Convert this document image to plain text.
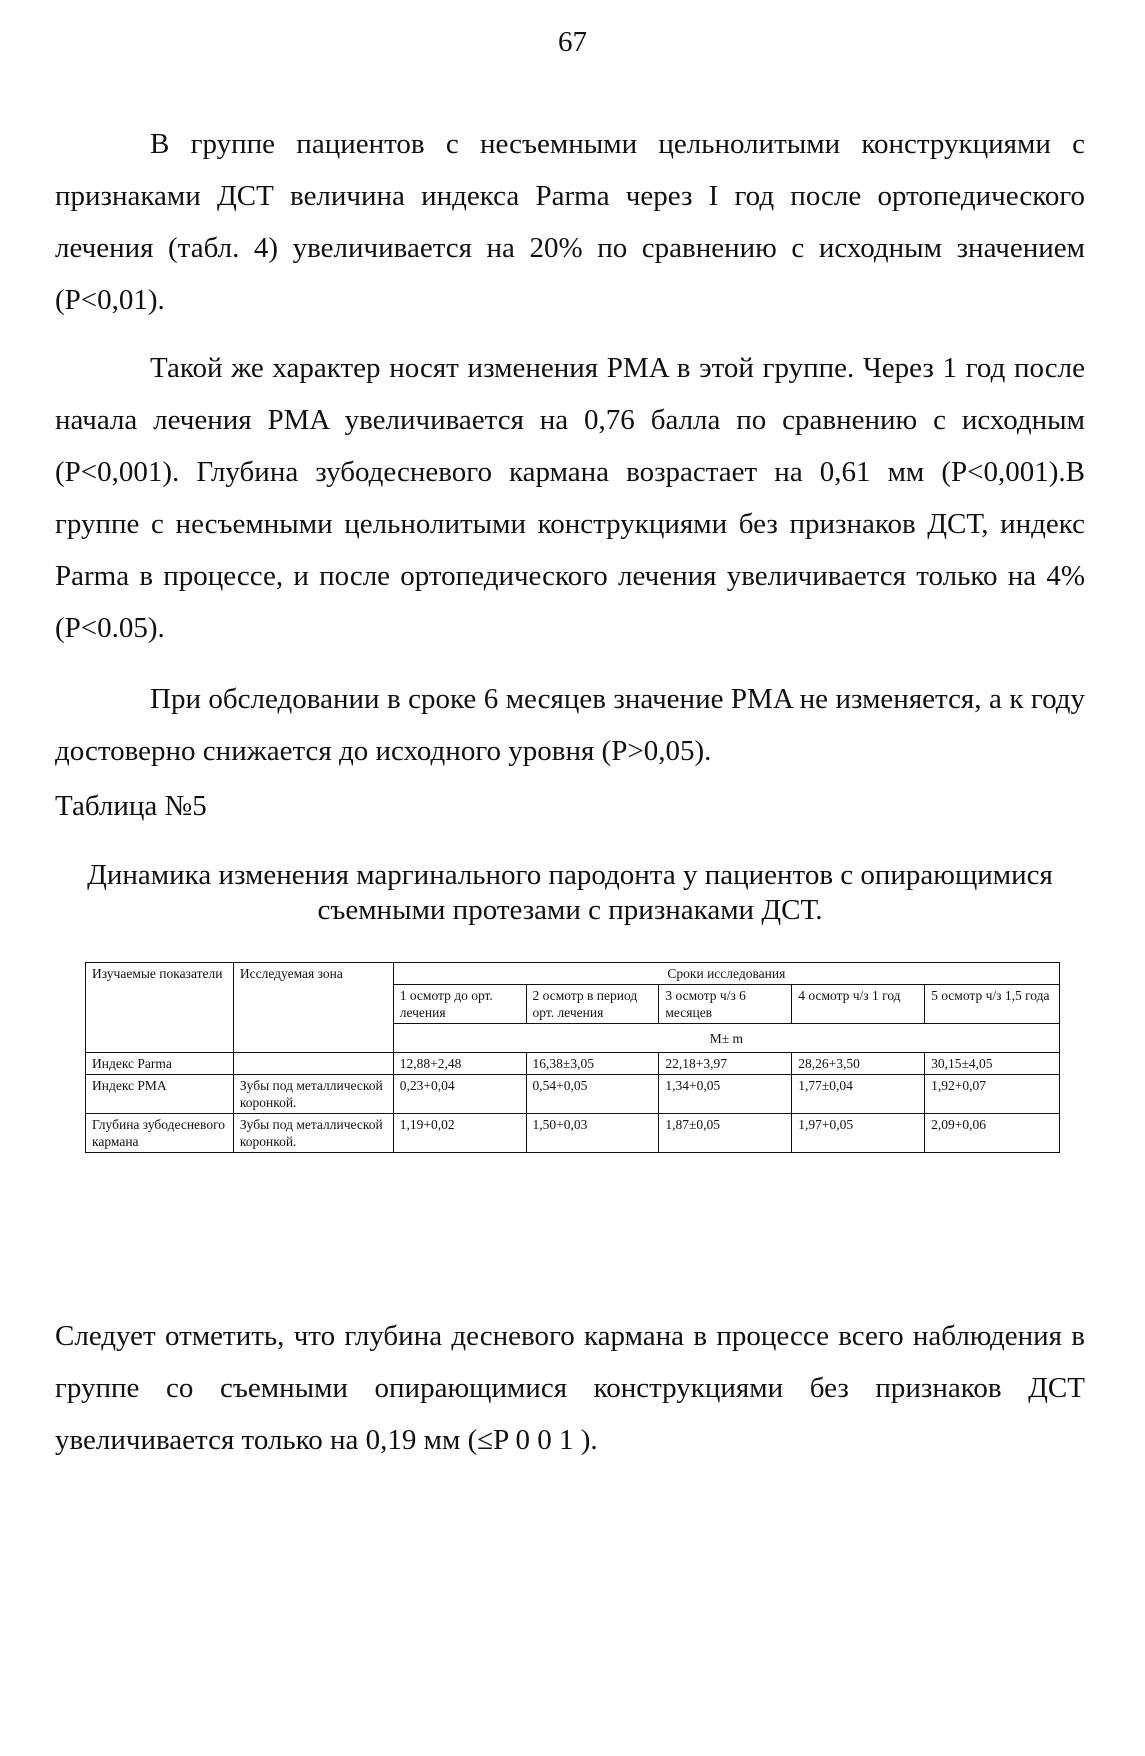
67

В группе пациентов с несъемными цельнолитыми конструкциями с признаками ДСТ величина индекса Parma через I год после ортопедического лечения (табл. 4) увеличивается на 20% по сравнению с исходным значением (P<0,01).

Такой же характер носят изменения PMA в этой группе. Через 1 год после начала лечения PMA увеличивается на 0,76 балла по сравнению с исходным (P<0,001). Глубина зубодесневого кармана возрастает на 0,61 мм (P<0,001).В группе с несъемными цельнолитыми конструкциями без признаков ДСТ, индекс Parma в процессе, и после ортопедического лечения увеличивается только на 4% (P<0.05).

При обследовании в сроке 6 месяцев значение PMA не изменяется, а к году достоверно снижается до исходного уровня (P>0,05).

Таблица №5
Динамика изменения маргинального пародонта у пациентов с опирающимися съемными протезами с признаками ДСТ.
Изучаемые показатели	Исследуемая зона	Сроки исследования				
		1 осмотр до орт. лечения	2 осмотр в период орт. лечения	3 осмотр ч/з 6 месяцев	4 осмотр ч/з 1 год	5 осмотр ч/з 1,5 года
		M± m				
Индекс Parma		12,88+2,48	16,38±3,05	22,18+3,97	28,26+3,50	30,15±4,05
Индекс PMA	Зубы под металлической коронкой.	0,23+0,04	0,54+0,05	1,34+0,05	1,77±0,04	1,92+0,07
Глубина зубодесневого кармана	Зубы под металлической коронкой.	1,19+0,02	1,50+0,03	1,87±0,05	1,97+0,05	2,09+0,06

Следует отметить, что глубина десневого кармана в процессе всего наблюдения в группе со съемными опирающимися конструкциями без признаков ДСТ увеличивается только на 0,19 мм (≤P 0 0 1 ).
